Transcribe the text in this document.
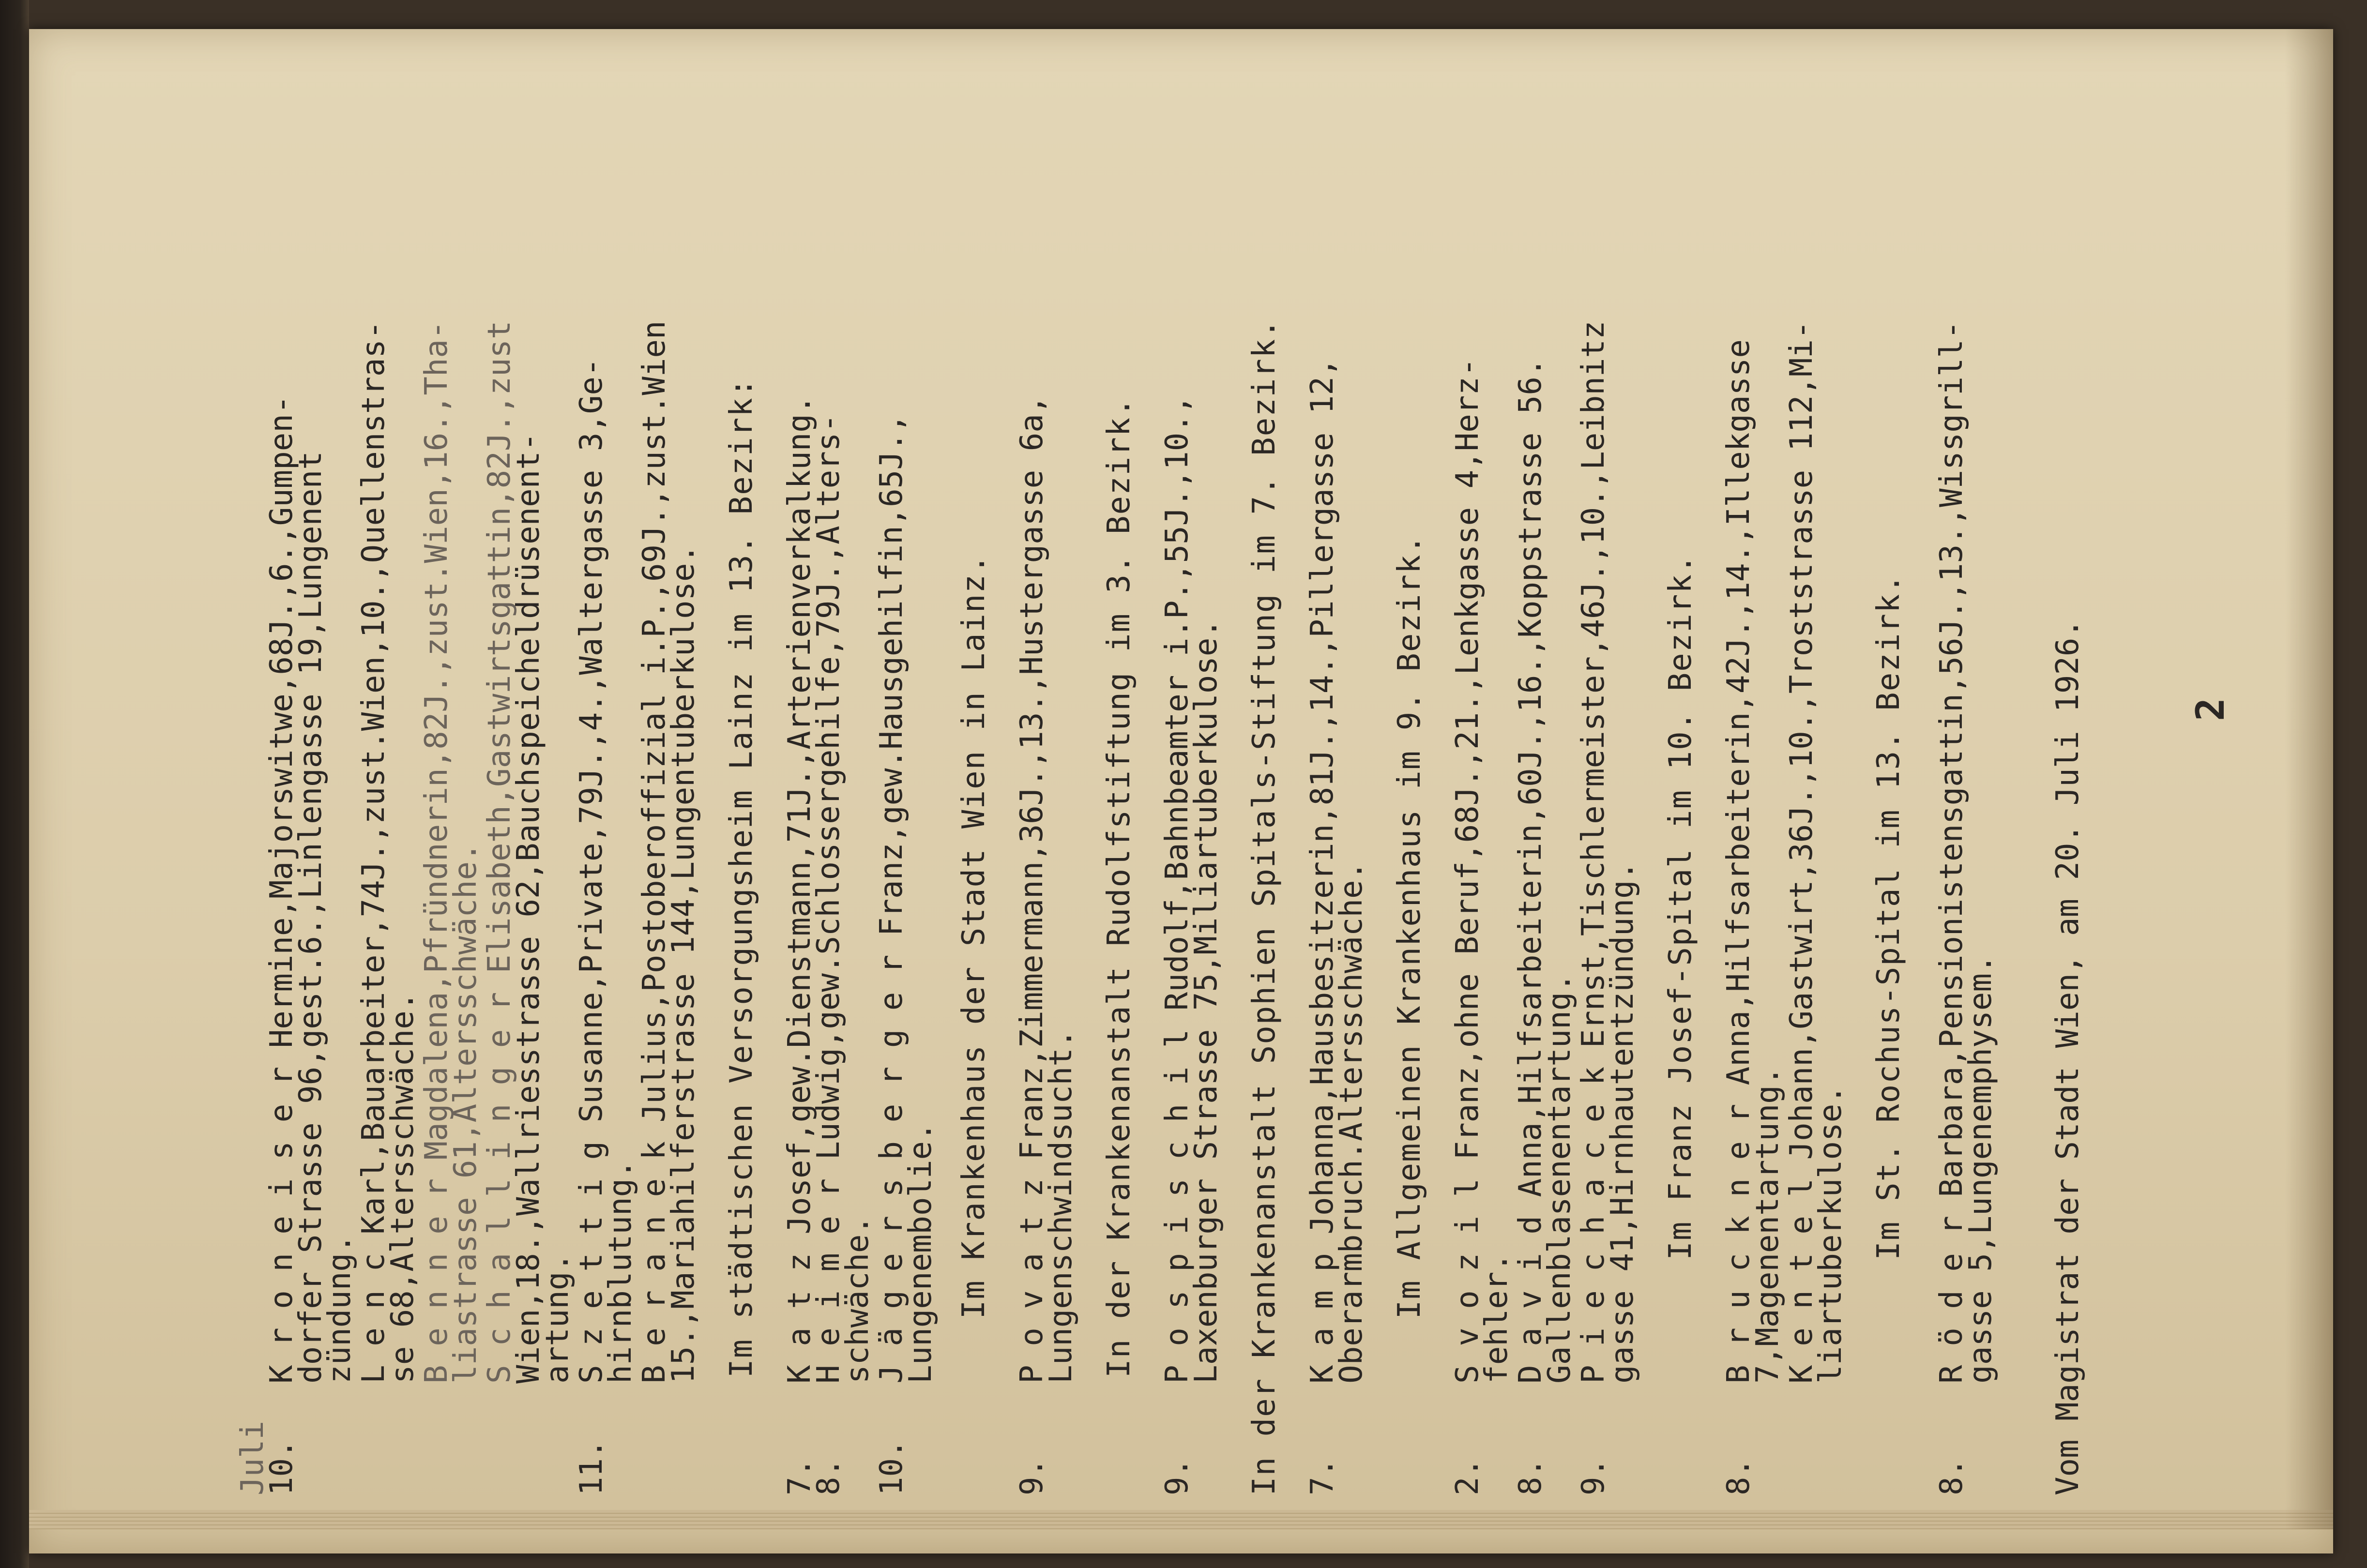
2
Juli
10.   K r o n e i s e r Hermine,Majorswitwe,68J.,6.,Gumpen-
dorfer Strasse 96,gest.6.,Linlengasse 19,Lungenent
zündung.
L e n c Karl,Bauarbeiter,74J.,zust.Wien,10.,Quellenstras-
se 68,Altersschwäche.
B e n n e r Magdalena,Pfründnerin,82J.,zust.Wien,16.,Tha-
liastrasse 61,Altersschwäche.
S c h a l l i n g e r Elisabeth,Gastwirtsgattin,82J.,zust
Wien,18.,Wallriesstrasse 62,Bauchspeicheldrüsenent-
artung.
11.   S z e t t i g Susanne,Private,79J.,4.,Waltergasse 3,Ge-
hirnblutung.
B e r a n e k Julius,Postoberoffizial i.P.,69J.,zust.Wien
15.,Mariahilferstrasse 144,Lungentuberkulose. Im städtischen Versorgungsheim Lainz im 13. Bezirk: 7.    K a t z Josef,gew.Dienstmann,71J.,Arterienverkalkung.
8.    H e i m e r Ludwig,gew.Schlossergehilfe,79J.,Alters-
schwäche.
10.   J ä g e r s b e r g e r Franz,gew.Hausgehilfin,65J.,
Lungenembolie. Im Krankenhaus der Stadt Wien in Lainz. 9.    P o v a t z Franz,Zimmermann,36J.,13.,Hustergasse 6a,
Lungenschwindsucht. In der Krankenanstalt Rudolfstiftung im 3. Bezirk. 9.    P o s p i s c h i l Rudolf,Bahnbeamter i.P.,55J.,10.,
Laxenburger Strasse 75,Miliartuberkulose. In der Krankenanstalt Sophien Spitals-Stiftung im 7. Bezirk. 7.    K a m p Johanna,Hausbesitzerin,81J.,14.,Pillergasse 12,
Oberarmbruch.Altersschwäche. Im Allgemeinen Krankenhaus im 9. Bezirk. 2.    S v o z i l Franz,ohne Beruf,68J.,21.,Lenkgasse 4,Herz-
fehler.
8.    D a v i d Anna,Hilfsarbeiterin,60J.,16.,Koppstrasse 56.
Gallenblasenentartung.
9.    P i e c h a c e k Ernst,Tischlermeister,46J.,10.,Leibnitz
gasse 41,Hirnhautentzündung. Im Franz Josef-Spital im 10. Bezirk. 8.    B r u c k n e r Anna,Hilfsarbeiterin,42J.,14.,Illekgasse
7,Magenentartung.
K e n t e l Johann,Gastwirt,36J.,10.,Troststrasse 112,Mi-
liartuberkulose. Im St. Rochus-Spital im 13. Bezirk. 8.    R ö d e r Barbara,Pensionistensgattin,56J.,13.,Wissgrill-
gasse 5,Lungenemphysem. Vom Magistrat der Stadt Wien, am 20. Juli 1926.
